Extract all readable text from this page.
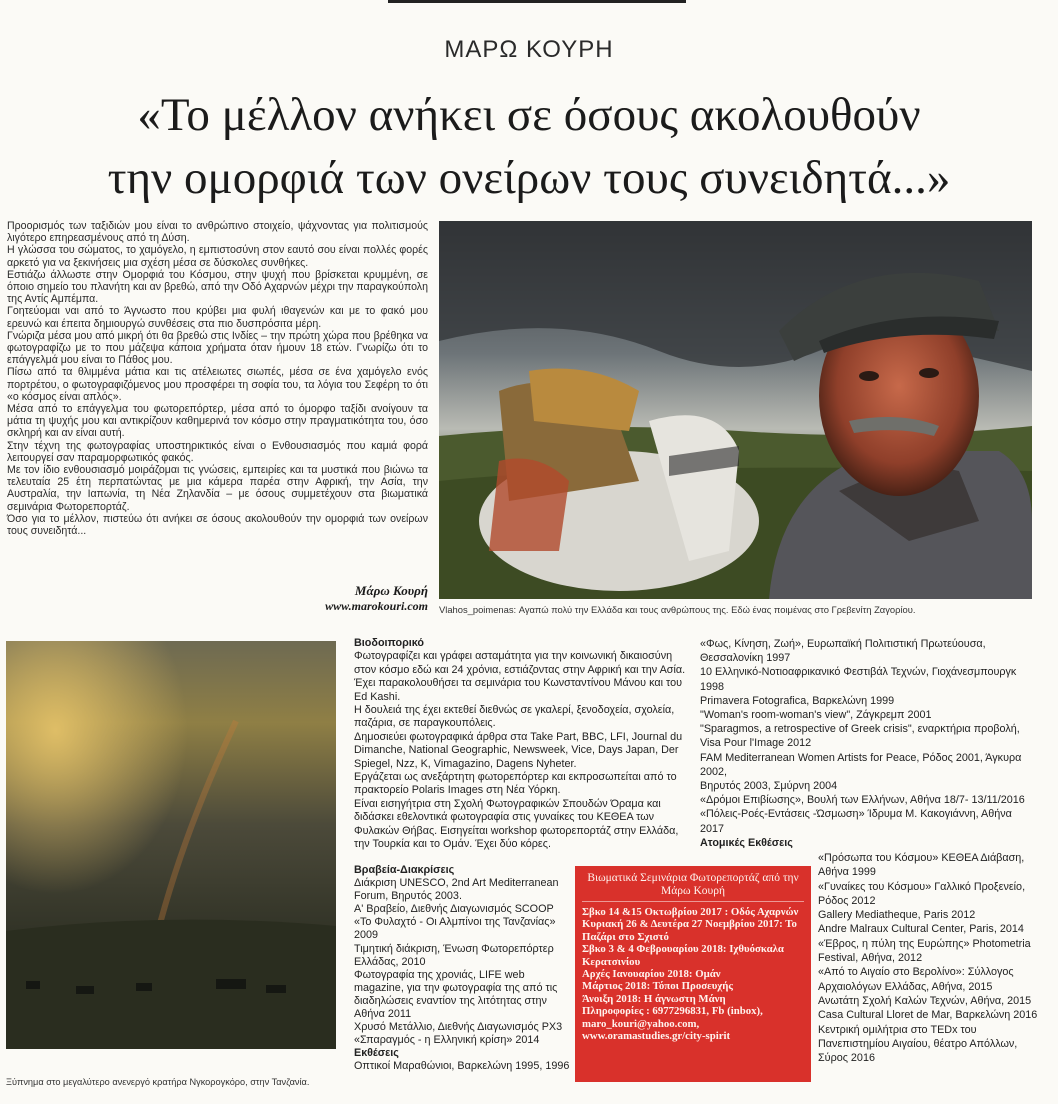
ΜΑΡΩ ΚΟΥΡΗ
«Το μέλλον ανήκει σε όσους ακολουθούν
την ομορφιά των ονείρων τους συνειδητά...»

Προορισμός των ταξιδιών μου είναι το ανθρώπινο στοιχείο, ψάχνοντας για πολιτισμούς λιγότερο επηρεασμένους από τη Δύση.

Η γλώσσα του σώματος, το χαμόγελο, η εμπιστοσύνη στον εαυτό σου είναι πολλές φορές αρκετό για να ξεκινήσεις μια σχέση μέσα σε δύσκολες συνθήκες.

Εστιάζω άλλωστε στην Ομορφιά του Κόσμου, στην ψυχή που βρίσκεται κρυμμένη, σε όποιο σημείο του πλανήτη και αν βρεθώ, από την Οδό Αχαρνών μέχρι την παραγκούπολη της Αντίς Αμπέμπα.

Γοητεύομαι ναι από το Άγνωστο που κρύβει μια φυλή ιθαγενών και με το φακό μου ερευνώ και έπειτα δημιουργώ συνθέσεις στα πιο δυσπρόσιτα μέρη.

Γνώριζα μέσα μου από μικρή ότι θα βρεθώ στις Ινδίες – την πρώτη χώρα που βρέθηκα να φωτογραφίζω με το που μάζεψα κάποια χρήματα όταν ήμουν 18 ετών. Γνωρίζω ότι το επάγγελμά μου είναι το Πάθος μου.

Πίσω από τα θλιμμένα μάτια και τις ατέλειωτες σιωπές, μέσα σε ένα χαμόγελο ενός πορτρέτου, ο φωτογραφιζόμενος μου προσφέρει τη σοφία του, τα λόγια του Σεφέρη το ότι «ο κόσμος είναι απλός».

Μέσα από το επάγγελμα του φωτορεπόρτερ, μέσα από το όμορφο ταξίδι ανοίγουν τα μάτια τη ψυχής μου και αντικρίζουν καθημερινά τον κόσμο στην πραγματικότητα του, όσο σκληρή και αν είναι αυτή.

Στην τέχνη της φωτογραφίας υποστηρικτικός είναι ο Ενθουσιασμός που καμιά φορά λειτουργεί σαν παραμορφωτικός φακός.

Με τον ίδιο ενθουσιασμό μοιράζομαι τις γνώσεις, εμπειρίες και τα μυστικά που βιώνω τα τελευταία 25 έτη περπατώντας με μια κάμερα παρέα στην Αφρική, την Ασία, την Αυστραλία, την Ιαπωνία, τη Νέα Ζηλανδία – με όσους συμμετέχουν στα βιωματικά σεμινάρια Φωτορεπορτάζ.

Όσο για το μέλλον, πιστεύω ότι ανήκει σε όσους ακολουθούν την ομορφιά των ονείρων τους συνειδητά...

Μάρω Κουρή
www.marokouri.com Vlahos_poimenas: Αγαπώ πολύ την Ελλάδα και τους ανθρώπους της. Εδώ ένας ποιμένας στο Γρεβενίτη Ζαγορίου.
Ξύπνημα στο μεγαλύτερο ανενεργό κρατήρα Νγκορογκόρο, στην Τανζανία.

Βιοδοιπορικό

Φωτογραφίζει και γράφει ασταμάτητα για την κοινωνική δικαιοσύνη στον κόσμο εδώ και 24 χρόνια, εστιάζοντας στην Αφρική και την Ασία. Έχει παρακολουθήσει τα σεμινάρια του Κωνσταντίνου Μάνου και του Ed Kashi.

Η δουλειά της έχει εκτεθεί διεθνώς σε γκαλερί, ξενοδοχεία, σχολεία, παζάρια, σε παραγκουπόλεις.

Δημοσιεύει φωτογραφικά άρθρα στα Take Part, BBC, LFI, Journal du Dimanche, National Geographic, Newsweek, Vice, Days Japan, Der Spiegel, Nzz, K, Vimagazino, Dagens Nyheter.

Εργάζεται ως ανεξάρτητη φωτορεπόρτερ και εκπροσωπείται από το πρακτορείο Polaris Images στη Νέα Υόρκη.

Είναι εισηγήτρια στη Σχολή Φωτογραφικών Σπουδών Όραμα και διδάσκει εθελοντικά φωτογραφία στις γυναίκες του ΚΕΘΕΑ των Φυλακών Θήβας. Εισηγείται workshop φωτορεπορτάζ στην Ελλάδα, την Τουρκία και το Ομάν. Έχει δύο κόρες.

Βραβεία-Διακρίσεις

Διάκριση UNESCO, 2nd Art Mediterranean Forum, Βηρυτός 2003.

Α' Βραβείο, Διεθνής Διαγωνισμός SCOOP «Το Φυλαχτό - Οι Αλμπίνοι της Τανζανίας» 2009

Τιμητική διάκριση, Ένωση Φωτορεπόρτερ Ελλάδας, 2010

Φωτογραφία της χρονιάς, LIFE web magazine, για την φωτογραφία της από τις διαδηλώσεις εναντίον της λιτότητας στην Αθήνα 2011

Χρυσό Μετάλλιο, Διεθνής Διαγωνισμός PX3 «Σπαραγμός - η Ελληνική κρίση» 2014

Εκθέσεις

Οπτικοί Μαραθώνιοι, Βαρκελώνη 1995, 1996

«Φως, Κίνηση, Ζωή», Ευρωπαϊκή Πολιτιστική Πρωτεύουσα, Θεσσαλονίκη 1997

10 Ελληνικό-Νοτιοαφρικανικό Φεστιβάλ Τεχνών, Γιοχάνεσμπουργκ 1998

Primavera Fotografica, Βαρκελώνη 1999

"Woman's room-woman's view", Ζάγκρεμπ 2001

"Sparagmos, a retrospective of Greek crisis", εναρκτήρια προβολή, Visa Pour l'Image 2012

FAM Mediterranean Women Artists for Peace, Ρόδος 2001, Άγκυρα 2002,

Βηρυτός 2003, Σμύρνη 2004

«Δρόμοι Επιβίωσης», Βουλή των Ελλήνων, Αθήνα 18/7- 13/11/2016

«Πόλεις-Ροές-Εντάσεις -Ώσμωση» Ίδρυμα Μ. Κακογιάννη, Αθήνα 2017

Ατομικές Εκθέσεις

«Πρόσωπα του Κόσμου» ΚΕΘΕΑ Διάβαση, Αθήνα 1999

«Γυναίκες του Κόσμου» Γαλλικό Προξενείο, Ρόδος 2012

Gallery Mediatheque, Paris 2012

Andre Malraux Cultural Center, Paris, 2014

«Έβρος, η πύλη της Ευρώπης» Photometria Festival, Αθήνα, 2012

«Από το Αιγαίο στο Βερολίνο»: Σύλλογος Αρχαιολόγων Ελλάδας, Αθήνα, 2015

Ανωτάτη Σχολή Καλών Τεχνών, Αθήνα, 2015

Casa Cultural Lloret de Mar, Βαρκελώνη 2016

Κεντρική ομιλήτρια στο TEDx του Πανεπιστημίου Αιγαίου, θέατρο Απόλλων, Σύρος 2016

Βιωματικά Σεμινάρια Φωτορεπορτάζ από την Μάρω Κουρή

Σβκο 14 &15 Οκτωβρίου 2017 : Οδός Αχαρνών

Κυριακή 26 & Δευτέρα 27 Νοεμβρίου 2017: Το Παζάρι στο Σχιστό

Σβκο 3 & 4 Φεβρουαρίου 2018: Ιχθυόσκαλα Κερατσινίου

Αρχές Ιανουαρίου 2018: Ομάν

Μάρτιος 2018: Τόποι Προσευχής

Άνοιξη 2018: Η άγνωστη Μάνη

Πληροφορίες : 6977296831, Fb (inbox), maro_kouri@yahoo.com, www.oramastudies.gr/city-spirit
